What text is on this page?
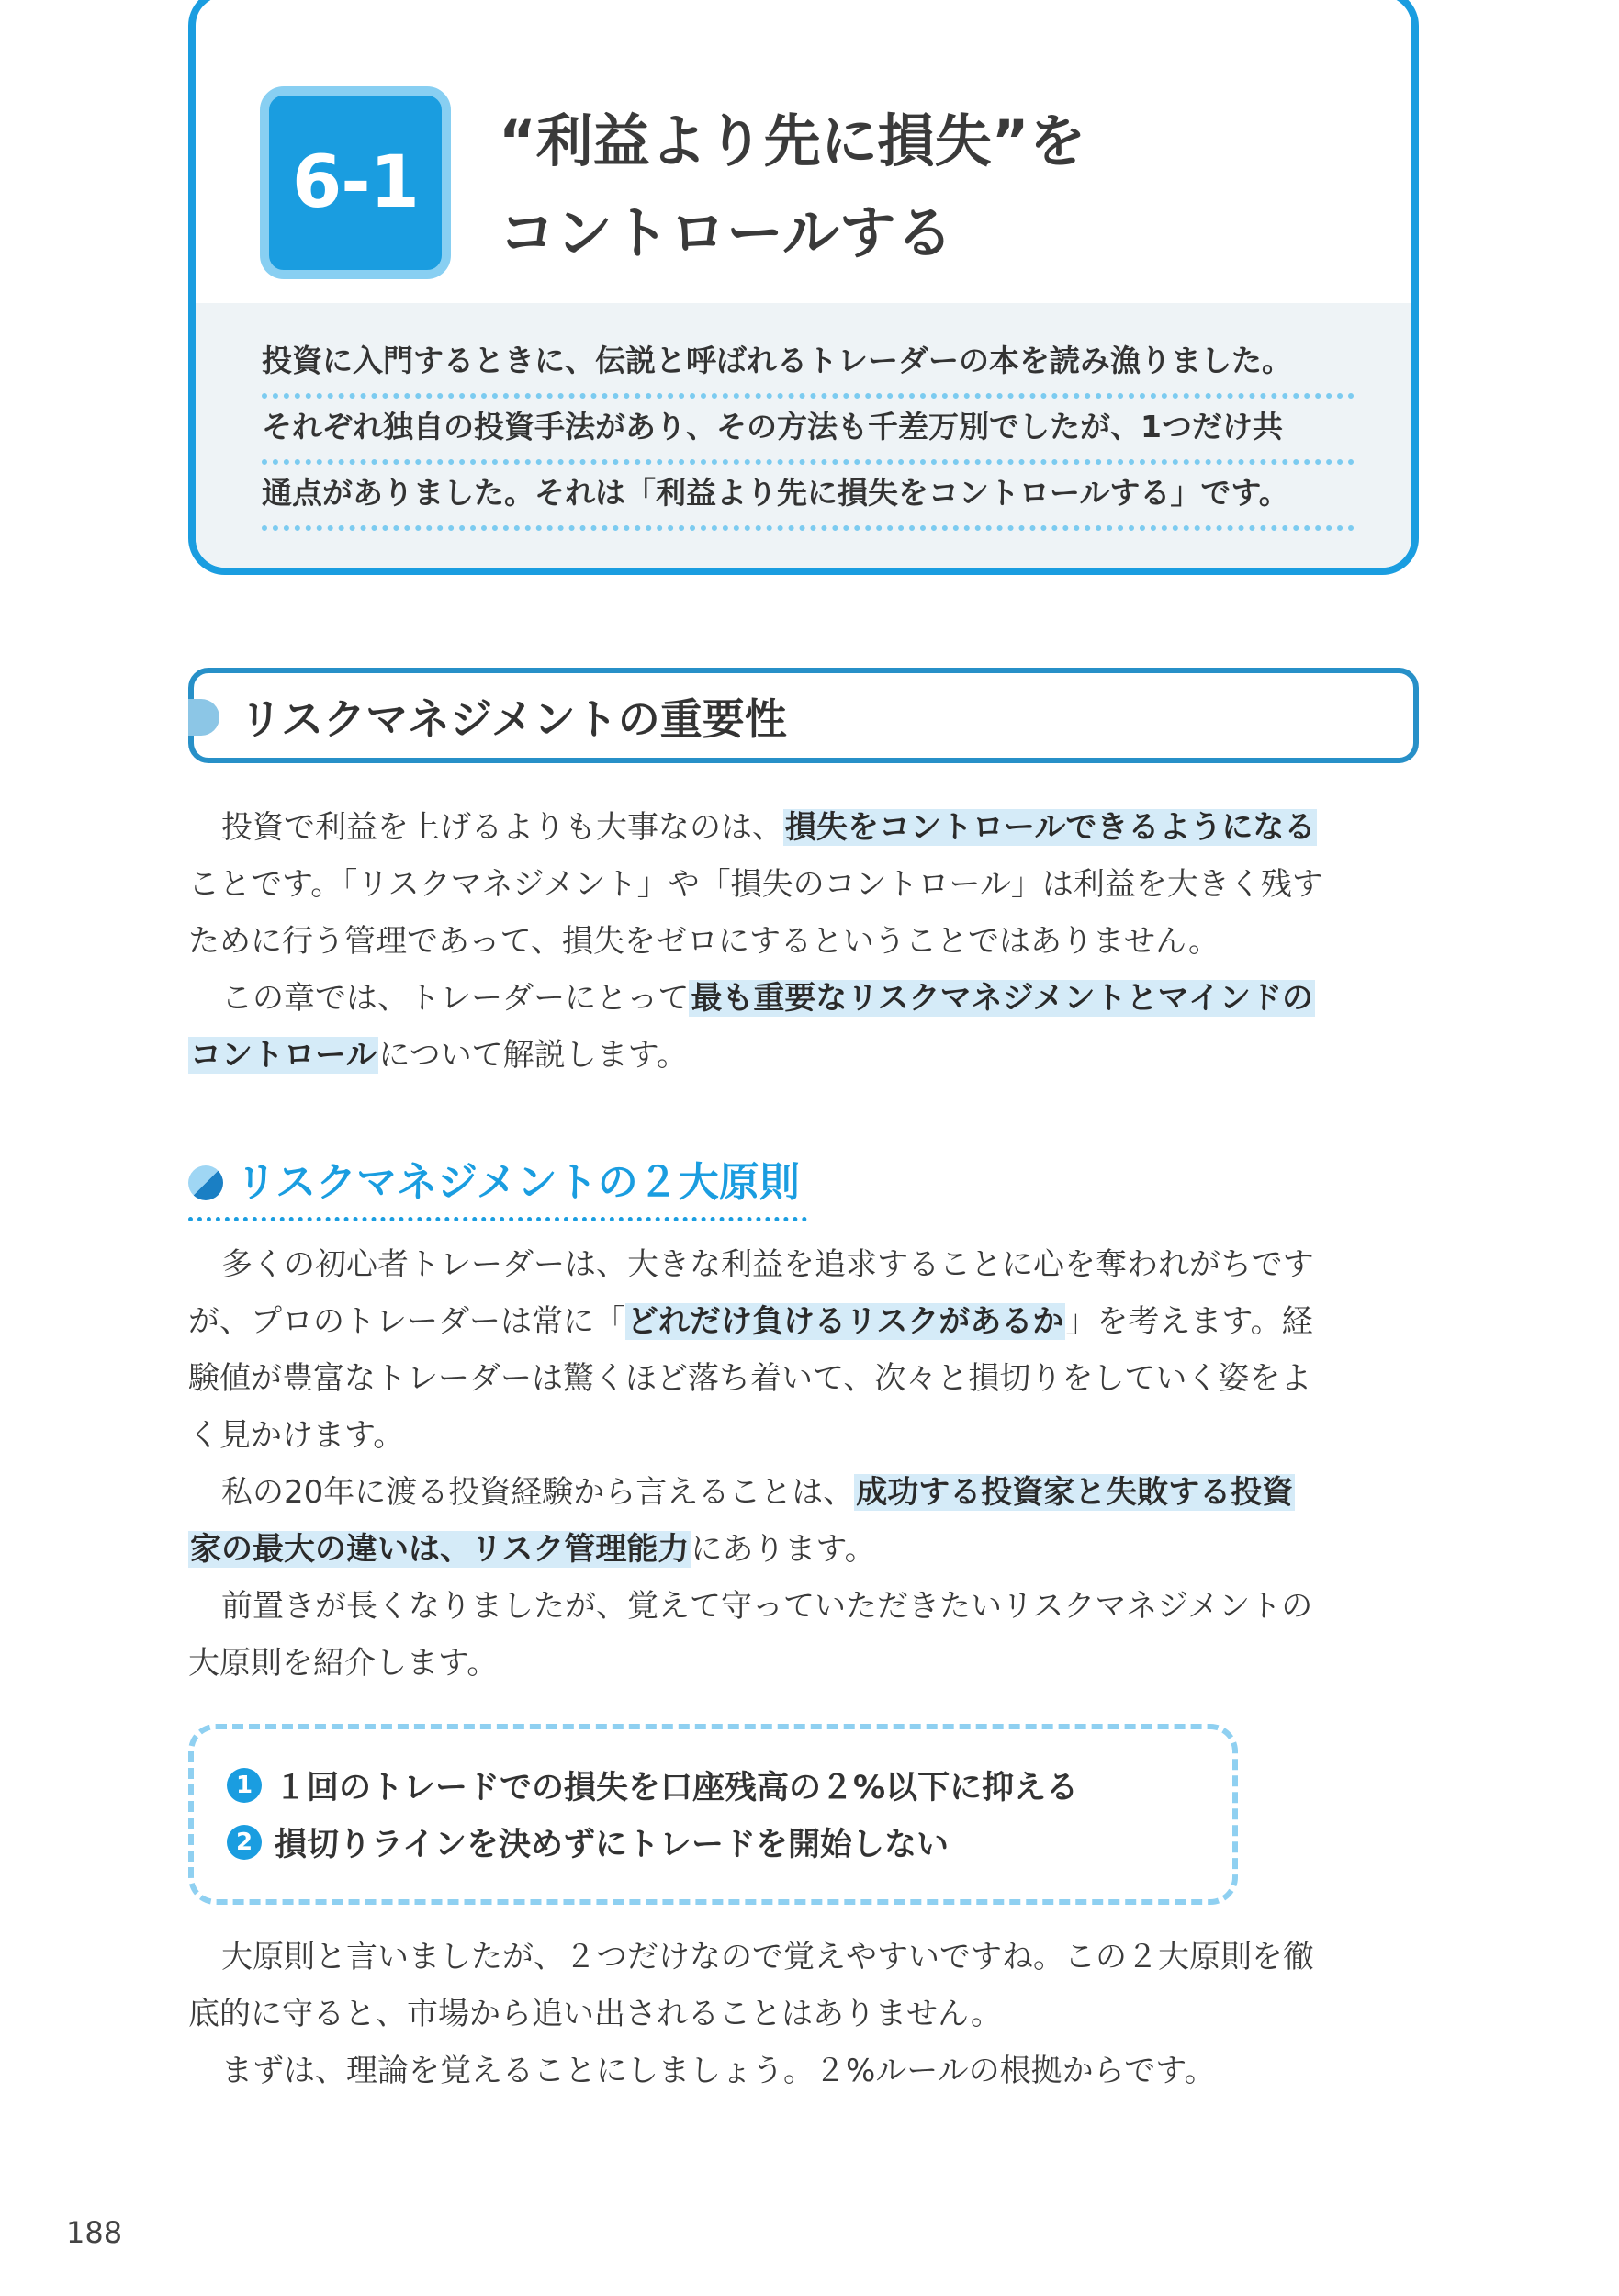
6-1
“利益より先に損失”を
コントロールする
投資に入門するときに、伝説と呼ばれるトレーダーの本を読み漁りました。
それぞれ独自の投資手法があり、その方法も千差万別でしたが、1つだけ共
通点がありました。それは「利益より先に損失をコントロールする」です。
リスクマネジメントの重要性
投資で利益を上げるよりも大事なのは、損失をコントロールできるようになる
ことです。「リスクマネジメント」や「損失のコントロール」は利益を大きく残す
ために行う管理であって、損失をゼロにするということではありません。
この章では、トレーダーにとって最も重要なリスクマネジメントとマインドの
コントロールについて解説します。
リスクマネジメントの２大原則
多くの初心者トレーダーは、大きな利益を追求することに心を奪われがちです
が、プロのトレーダーは常に「どれだけ負けるリスクがあるか」を考えます。経
験値が豊富なトレーダーは驚くほど落ち着いて、次々と損切りをしていく姿をよ
く見かけます。
私の20年に渡る投資経験から言えることは、成功する投資家と失敗する投資
家の最大の違いは、リスク管理能力にあります。
前置きが長くなりましたが、覚えて守っていただきたいリスクマネジメントの
大原則を紹介します。
1 １回のトレードでの損失を口座残高の２%以下に抑える
2 損切りラインを決めずにトレードを開始しない
大原則と言いましたが、２つだけなので覚えやすいですね。この２大原則を徹
底的に守ると、市場から追い出されることはありません。
まずは、理論を覚えることにしましょう。２%ルールの根拠からです。
188
